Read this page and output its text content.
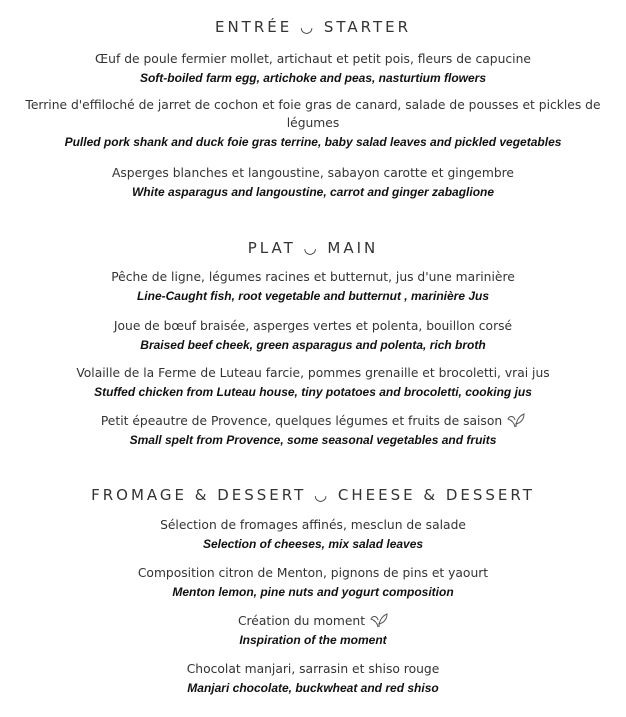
ENTRÉE ◡ STARTER
Œuf de poule fermier mollet, artichaut et petit pois, fleurs de capucine
Soft-boiled farm egg, artichoke and peas, nasturtium flowers
Terrine d'effiloché de jarret de cochon et foie gras de canard, salade de pousses et pickles de légumes
Pulled pork shank and duck foie gras terrine, baby salad leaves and pickled vegetables
Asperges blanches et langoustine, sabayon carotte et gingembre
White asparagus and langoustine, carrot and ginger zabaglione
PLAT ◡ MAIN
Pêche de ligne, légumes racines et butternut, jus d'une marinière
Line-Caught fish, root vegetable and butternut , marinière Jus
Joue de bœuf braisée, asperges vertes et polenta, bouillon corsé
Braised beef cheek, green asparagus and polenta, rich broth
Volaille de la Ferme de Luteau farcie, pommes grenaille et brocoletti, vrai jus
Stuffed chicken from Luteau house, tiny potatoes and brocoletti, cooking jus
Petit épeautre de Provence, quelques légumes et fruits de saison
Small spelt from Provence, some seasonal vegetables and fruits
FROMAGE & DESSERT ◡ CHEESE & DESSERT
Sélection de fromages affinés, mesclun de salade
Selection of cheeses, mix salad leaves
Composition citron de Menton, pignons de pins et yaourt
Menton lemon, pine nuts and yogurt composition
Création du moment
Inspiration of the moment
Chocolat manjari, sarrasin et shiso rouge
Manjari chocolate, buckwheat and red shiso
